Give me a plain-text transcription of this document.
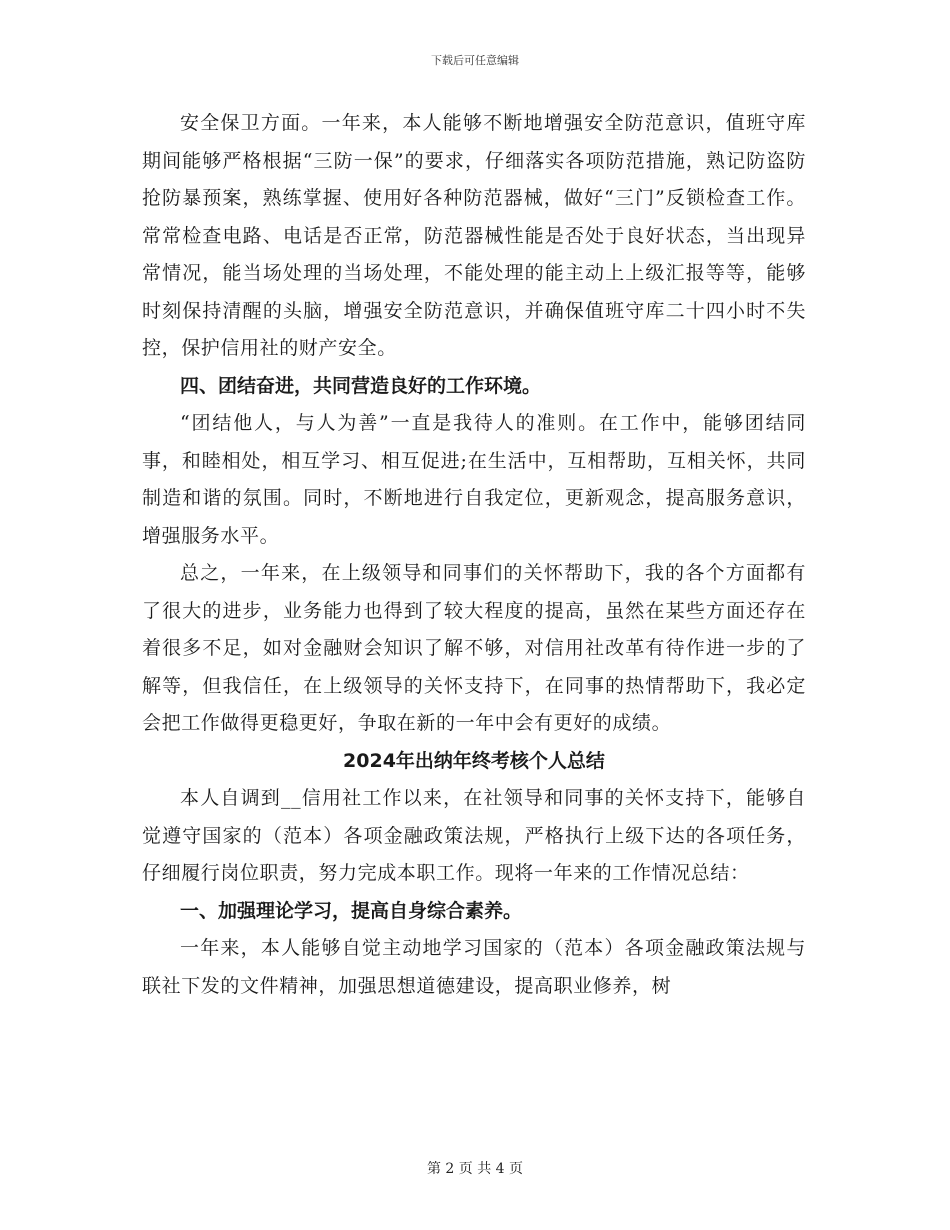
下载后可任意编辑

安全保卫方面。一年来，本人能够不断地增强安全防范意识，值班守库期间能够严格根据“三防一保”的要求，仔细落实各项防范措施，熟记防盗防抢防暴预案，熟练掌握、使用好各种防范器械，做好“三门”反锁检查工作。常常检查电路、电话是否正常，防范器械性能是否处于良好状态，当出现异常情况，能当场处理的当场处理，不能处理的能主动上上级汇报等等，能够时刻保持清醒的头脑，增强安全防范意识，并确保值班守库二十四小时不失控，保护信用社的财产安全。

四、团结奋进，共同营造良好的工作环境。

“团结他人，与人为善”一直是我待人的准则。在工作中，能够团结同事，和睦相处，相互学习、相互促进;在生活中，互相帮助，互相关怀，共同制造和谐的氛围。同时，不断地进行自我定位，更新观念，提高服务意识，增强服务水平。

总之，一年来，在上级领导和同事们的关怀帮助下，我的各个方面都有了很大的进步，业务能力也得到了较大程度的提高，虽然在某些方面还存在着很多不足，如对金融财会知识了解不够，对信用社改革有待作进一步的了解等，但我信任，在上级领导的关怀支持下，在同事的热情帮助下，我必定会把工作做得更稳更好，争取在新的一年中会有更好的成绩。

2024年出纳年终考核个人总结

本人自调到__信用社工作以来，在社领导和同事的关怀支持下，能够自觉遵守国家的（范本）各项金融政策法规，严格执行上级下达的各项任务，仔细履行岗位职责，努力完成本职工作。现将一年来的工作情况总结：

一、加强理论学习，提高自身综合素养。

一年来，本人能够自觉主动地学习国家的（范本）各项金融政策法规与联社下发的文件精神，加强思想道德建设，提高职业修养，树

第 2 页 共 4 页
